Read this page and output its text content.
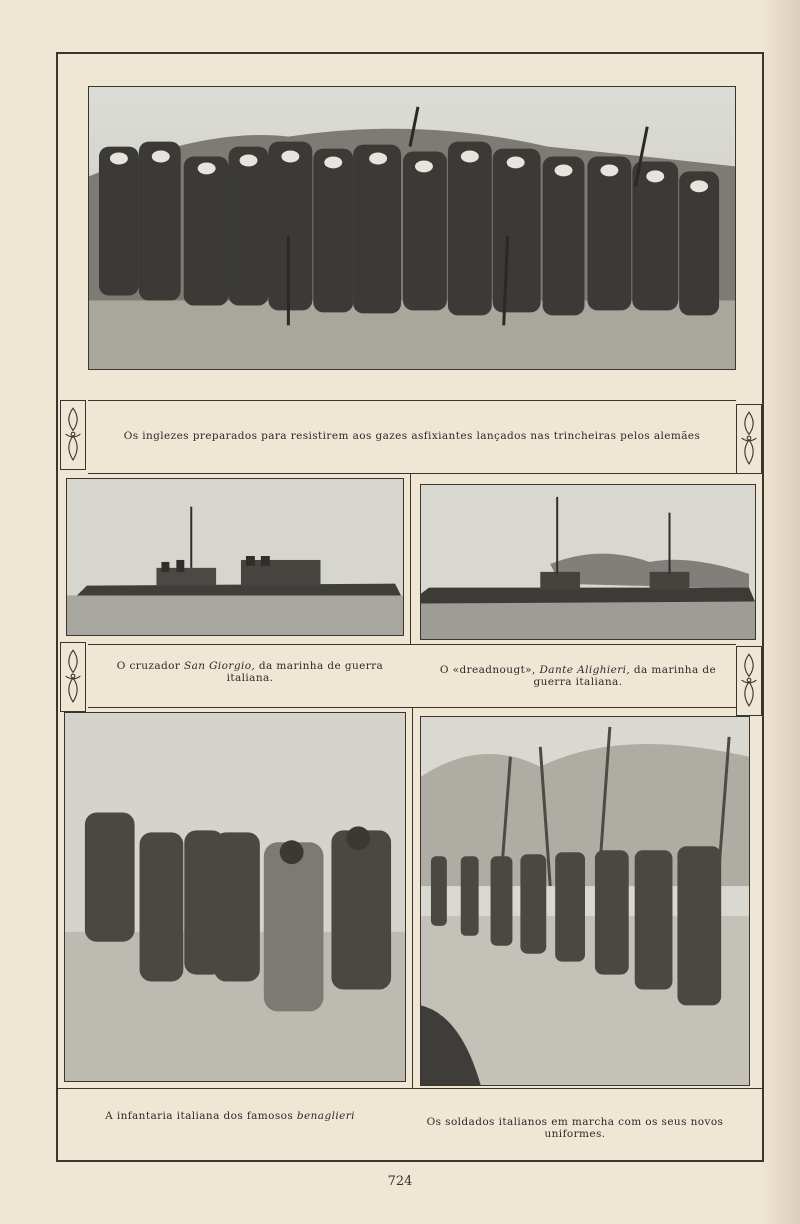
Os inglezes preparados para resistirem aos gazes asfixiantes lançados nas trincheiras pelos alemães
O cruzador San Giorgio, da marinha de guerra
italiana.
O «dreadnougt», Dante Alighieri, da marinha de
guerra italiana.
A infantaria italiana dos famosos benaglieri	Os soldados italianos em marcha com os seus novos
uniformes.
724
